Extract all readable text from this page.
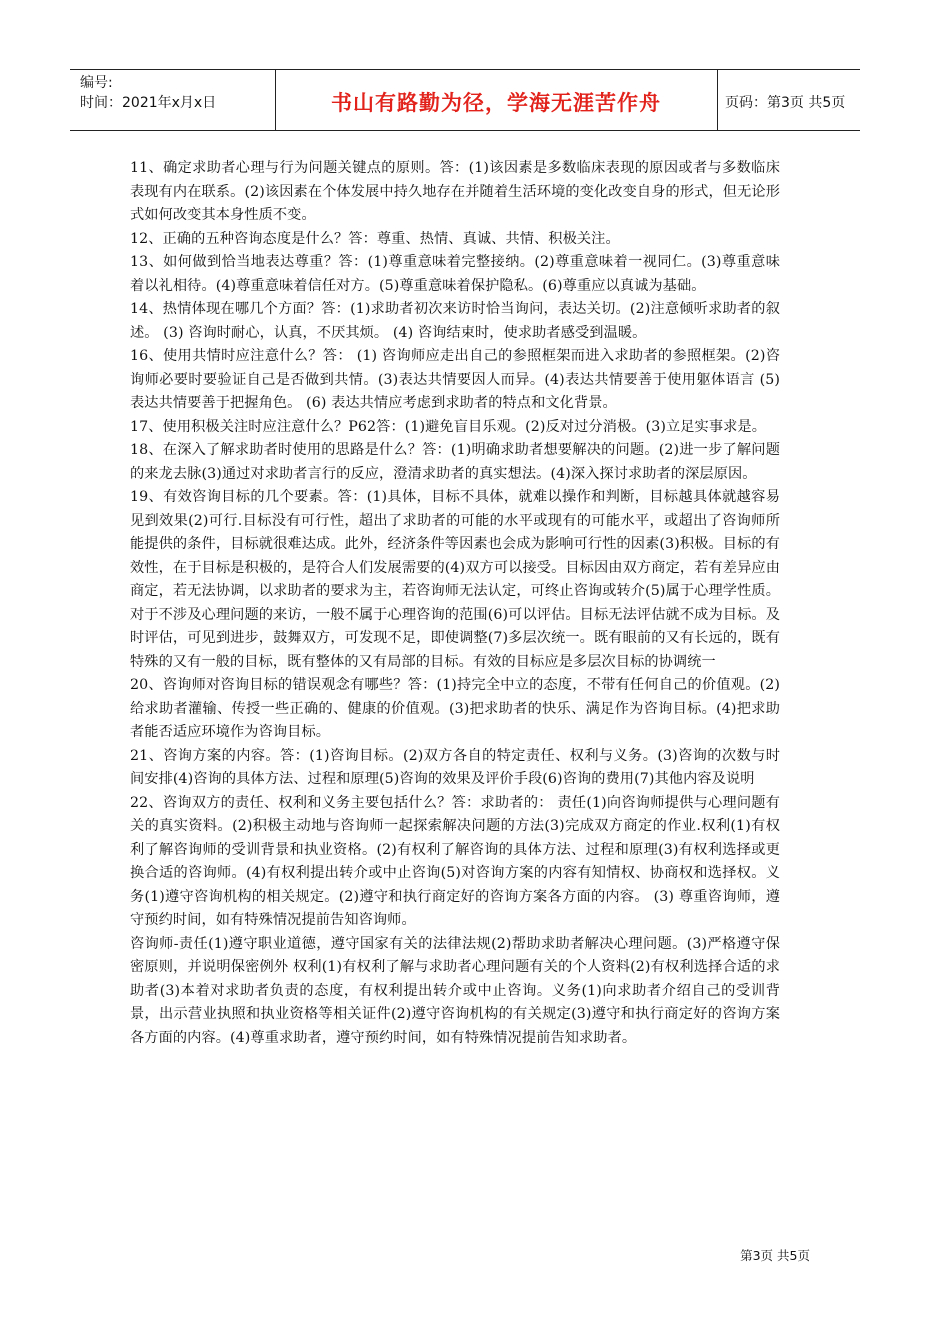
编号:
时间：2021年x月x日	书山有路勤为径，学海无涯苦作舟	页码：第3页 共5页

11、确定求助者心理与行为问题关键点的原则。答：(1)该因素是多数临床表现的原因或者与多数临床表现有内在联系。(2)该因素在个体发展中持久地存在并随着生活环境的变化改变自身的形式，但无论形式如何改变其本身性质不变。

12、正确的五种咨询态度是什么？答：尊重、热情、真诚、共情、积极关注。

13、如何做到恰当地表达尊重？答：(1)尊重意味着完整接纳。(2)尊重意味着一视同仁。(3)尊重意味着以礼相待。(4)尊重意味着信任对方。(5)尊重意味着保护隐私。(6)尊重应以真诚为基础。

14、热情体现在哪几个方面？答：(1)求助者初次来访时恰当询问，表达关切。(2)注意倾听求助者的叙述。 (3) 咨询时耐心，认真，不厌其烦。 (4) 咨询结束时，使求助者感受到温暖。

16、使用共情时应注意什么？答： (1) 咨询师应走出自己的参照框架而进入求助者的参照框架。(2)咨询师必要时要验证自己是否做到共情。(3)表达共情要因人而异。(4)表达共情要善于使用躯体语言 (5) 表达共情要善于把握角色。 (6) 表达共情应考虑到求助者的特点和文化背景。

17、使用积极关注时应注意什么？P62答：(1)避免盲目乐观。(2)反对过分消极。(3)立足实事求是。

18、在深入了解求助者时使用的思路是什么？答：(1)明确求助者想要解决的问题。(2)进一步了解问题的来龙去脉(3)通过对求助者言行的反应，澄清求助者的真实想法。(4)深入探讨求助者的深层原因。

19、有效咨询目标的几个要素。答：(1)具体，目标不具体，就难以操作和判断，目标越具体就越容易见到效果(2)可行.目标没有可行性，超出了求助者的可能的水平或现有的可能水平，或超出了咨询师所能提供的条件，目标就很难达成。此外，经济条件等因素也会成为影响可行性的因素(3)积极。目标的有效性，在于目标是积极的，是符合人们发展需要的(4)双方可以接受。目标因由双方商定，若有差异应由商定，若无法协调，以求助者的要求为主，若咨询师无法认定，可终止咨询或转介(5)属于心理学性质。对于不涉及心理问题的来访，一般不属于心理咨询的范围(6)可以评估。目标无法评估就不成为目标。及时评估，可见到进步，鼓舞双方，可发现不足，即使调整(7)多层次统一。既有眼前的又有长远的，既有特殊的又有一般的目标，既有整体的又有局部的目标。有效的目标应是多层次目标的协调统一

20、咨询师对咨询目标的错误观念有哪些？答：(1)持完全中立的态度，不带有任何自己的价值观。(2)给求助者灌输、传授一些正确的、健康的价值观。(3)把求助者的快乐、满足作为咨询目标。(4)把求助者能否适应环境作为咨询目标。

21、咨询方案的内容。答：(1)咨询目标。(2)双方各自的特定责任、权利与义务。(3)咨询的次数与时间安排(4)咨询的具体方法、过程和原理(5)咨询的效果及评价手段(6)咨询的费用(7)其他内容及说明

22、咨询双方的责任、权利和义务主要包括什么？答：求助者的： 责任(1)向咨询师提供与心理问题有关的真实资料。(2)积极主动地与咨询师一起探索解决问题的方法(3)完成双方商定的作业.权利(1)有权利了解咨询师的受训背景和执业资格。(2)有权利了解咨询的具体方法、过程和原理(3)有权利选择或更换合适的咨询师。(4)有权利提出转介或中止咨询(5)对咨询方案的内容有知情权、协商权和选择权。义务(1)遵守咨询机构的相关规定。(2)遵守和执行商定好的咨询方案各方面的内容。 (3) 尊重咨询师，遵守预约时间，如有特殊情况提前告知咨询师。

咨询师-责任(1)遵守职业道德，遵守国家有关的法律法规(2)帮助求助者解决心理问题。(3)严格遵守保密原则，并说明保密例外 权利(1)有权利了解与求助者心理问题有关的个人资料(2)有权利选择合适的求助者(3)本着对求助者负责的态度，有权利提出转介或中止咨询。义务(1)向求助者介绍自己的受训背景，出示营业执照和执业资格等相关证件(2)遵守咨询机构的有关规定(3)遵守和执行商定好的咨询方案各方面的内容。(4)尊重求助者，遵守预约时间，如有特殊情况提前告知求助者。

第3页 共5页
